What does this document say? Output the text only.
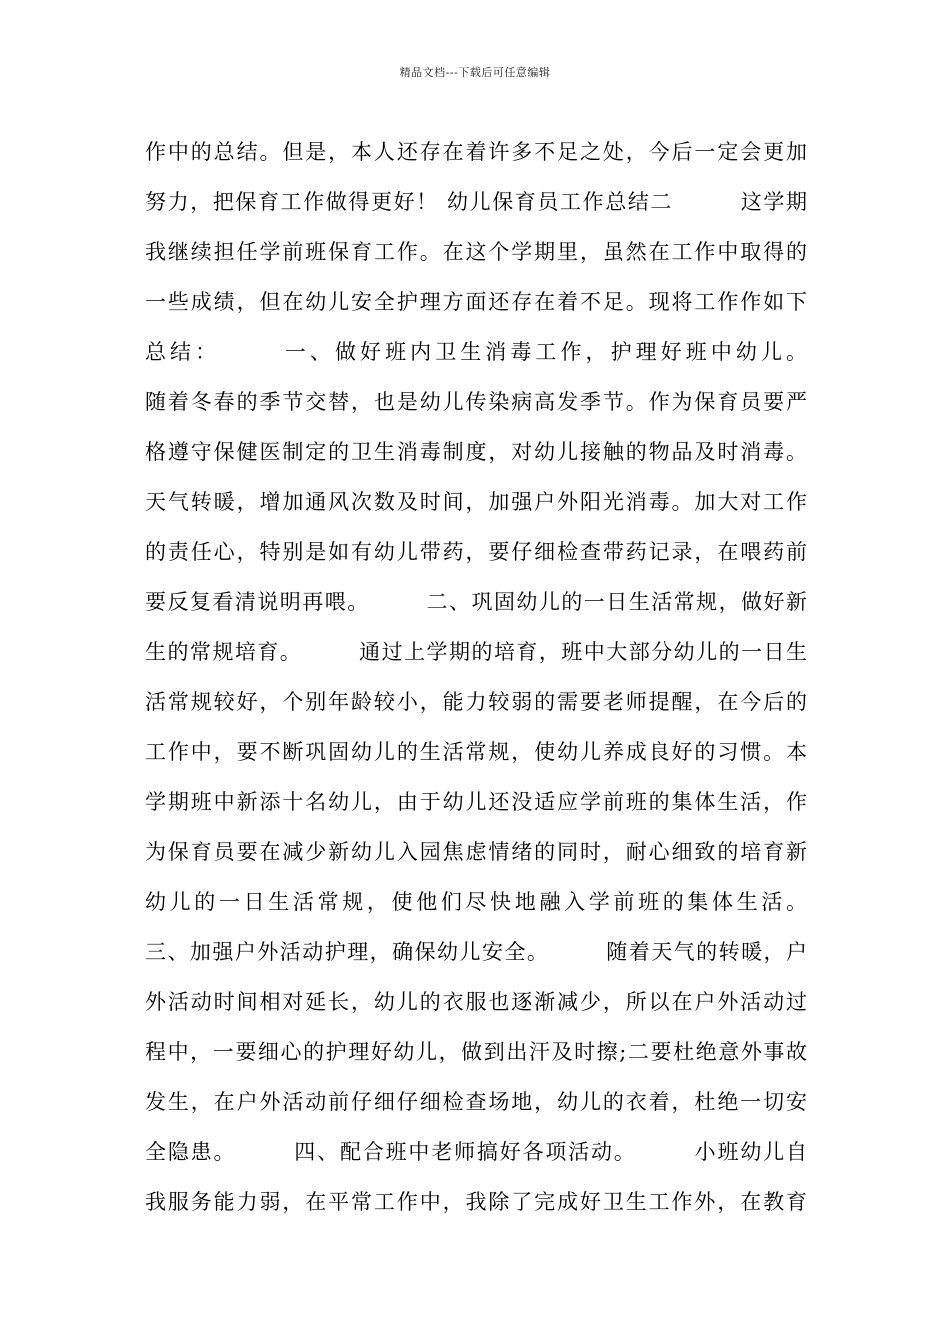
精品文档---下载后可任意编辑
作中的总结。但是，本人还存在着许多不足之处，今后一定会更加
努力，把保育工作做得更好！ 幼儿保育员工作总结二　　　这学期
我继续担任学前班保育工作。在这个学期里，虽然在工作中取得的
一些成绩，但在幼儿安全护理方面还存在着不足。现将工作作如下
总结：　　　一、做好班内卫生消毒工作，护理好班中幼儿。
随着冬春的季节交替，也是幼儿传染病高发季节。作为保育员要严
格遵守保健医制定的卫生消毒制度，对幼儿接触的物品及时消毒。
天气转暖，增加通风次数及时间，加强户外阳光消毒。加大对工作
的责任心，特别是如有幼儿带药，要仔细检查带药记录，在喂药前
要反复看清说明再喂。　　　二、巩固幼儿的一日生活常规，做好新
生的常规培育。　　　通过上学期的培育，班中大部分幼儿的一日生
活常规较好，个别年龄较小，能力较弱的需要老师提醒，在今后的
工作中，要不断巩固幼儿的生活常规，使幼儿养成良好的习惯。本
学期班中新添十名幼儿，由于幼儿还没适应学前班的集体生活，作
为保育员要在减少新幼儿入园焦虑情绪的同时，耐心细致的培育新
幼儿的一日生活常规，使他们尽快地融入学前班的集体生活。
三、加强户外活动护理，确保幼儿安全。　　　随着天气的转暖，户
外活动时间相对延长，幼儿的衣服也逐渐减少，所以在户外活动过
程中，一要细心的护理好幼儿，做到出汗及时擦;二要杜绝意外事故
发生，在户外活动前仔细仔细检查场地，幼儿的衣着，杜绝一切安
全隐患。　　　四、配合班中老师搞好各项活动。　　　小班幼儿自
我服务能力弱，在平常工作中，我除了完成好卫生工作外，在教育
